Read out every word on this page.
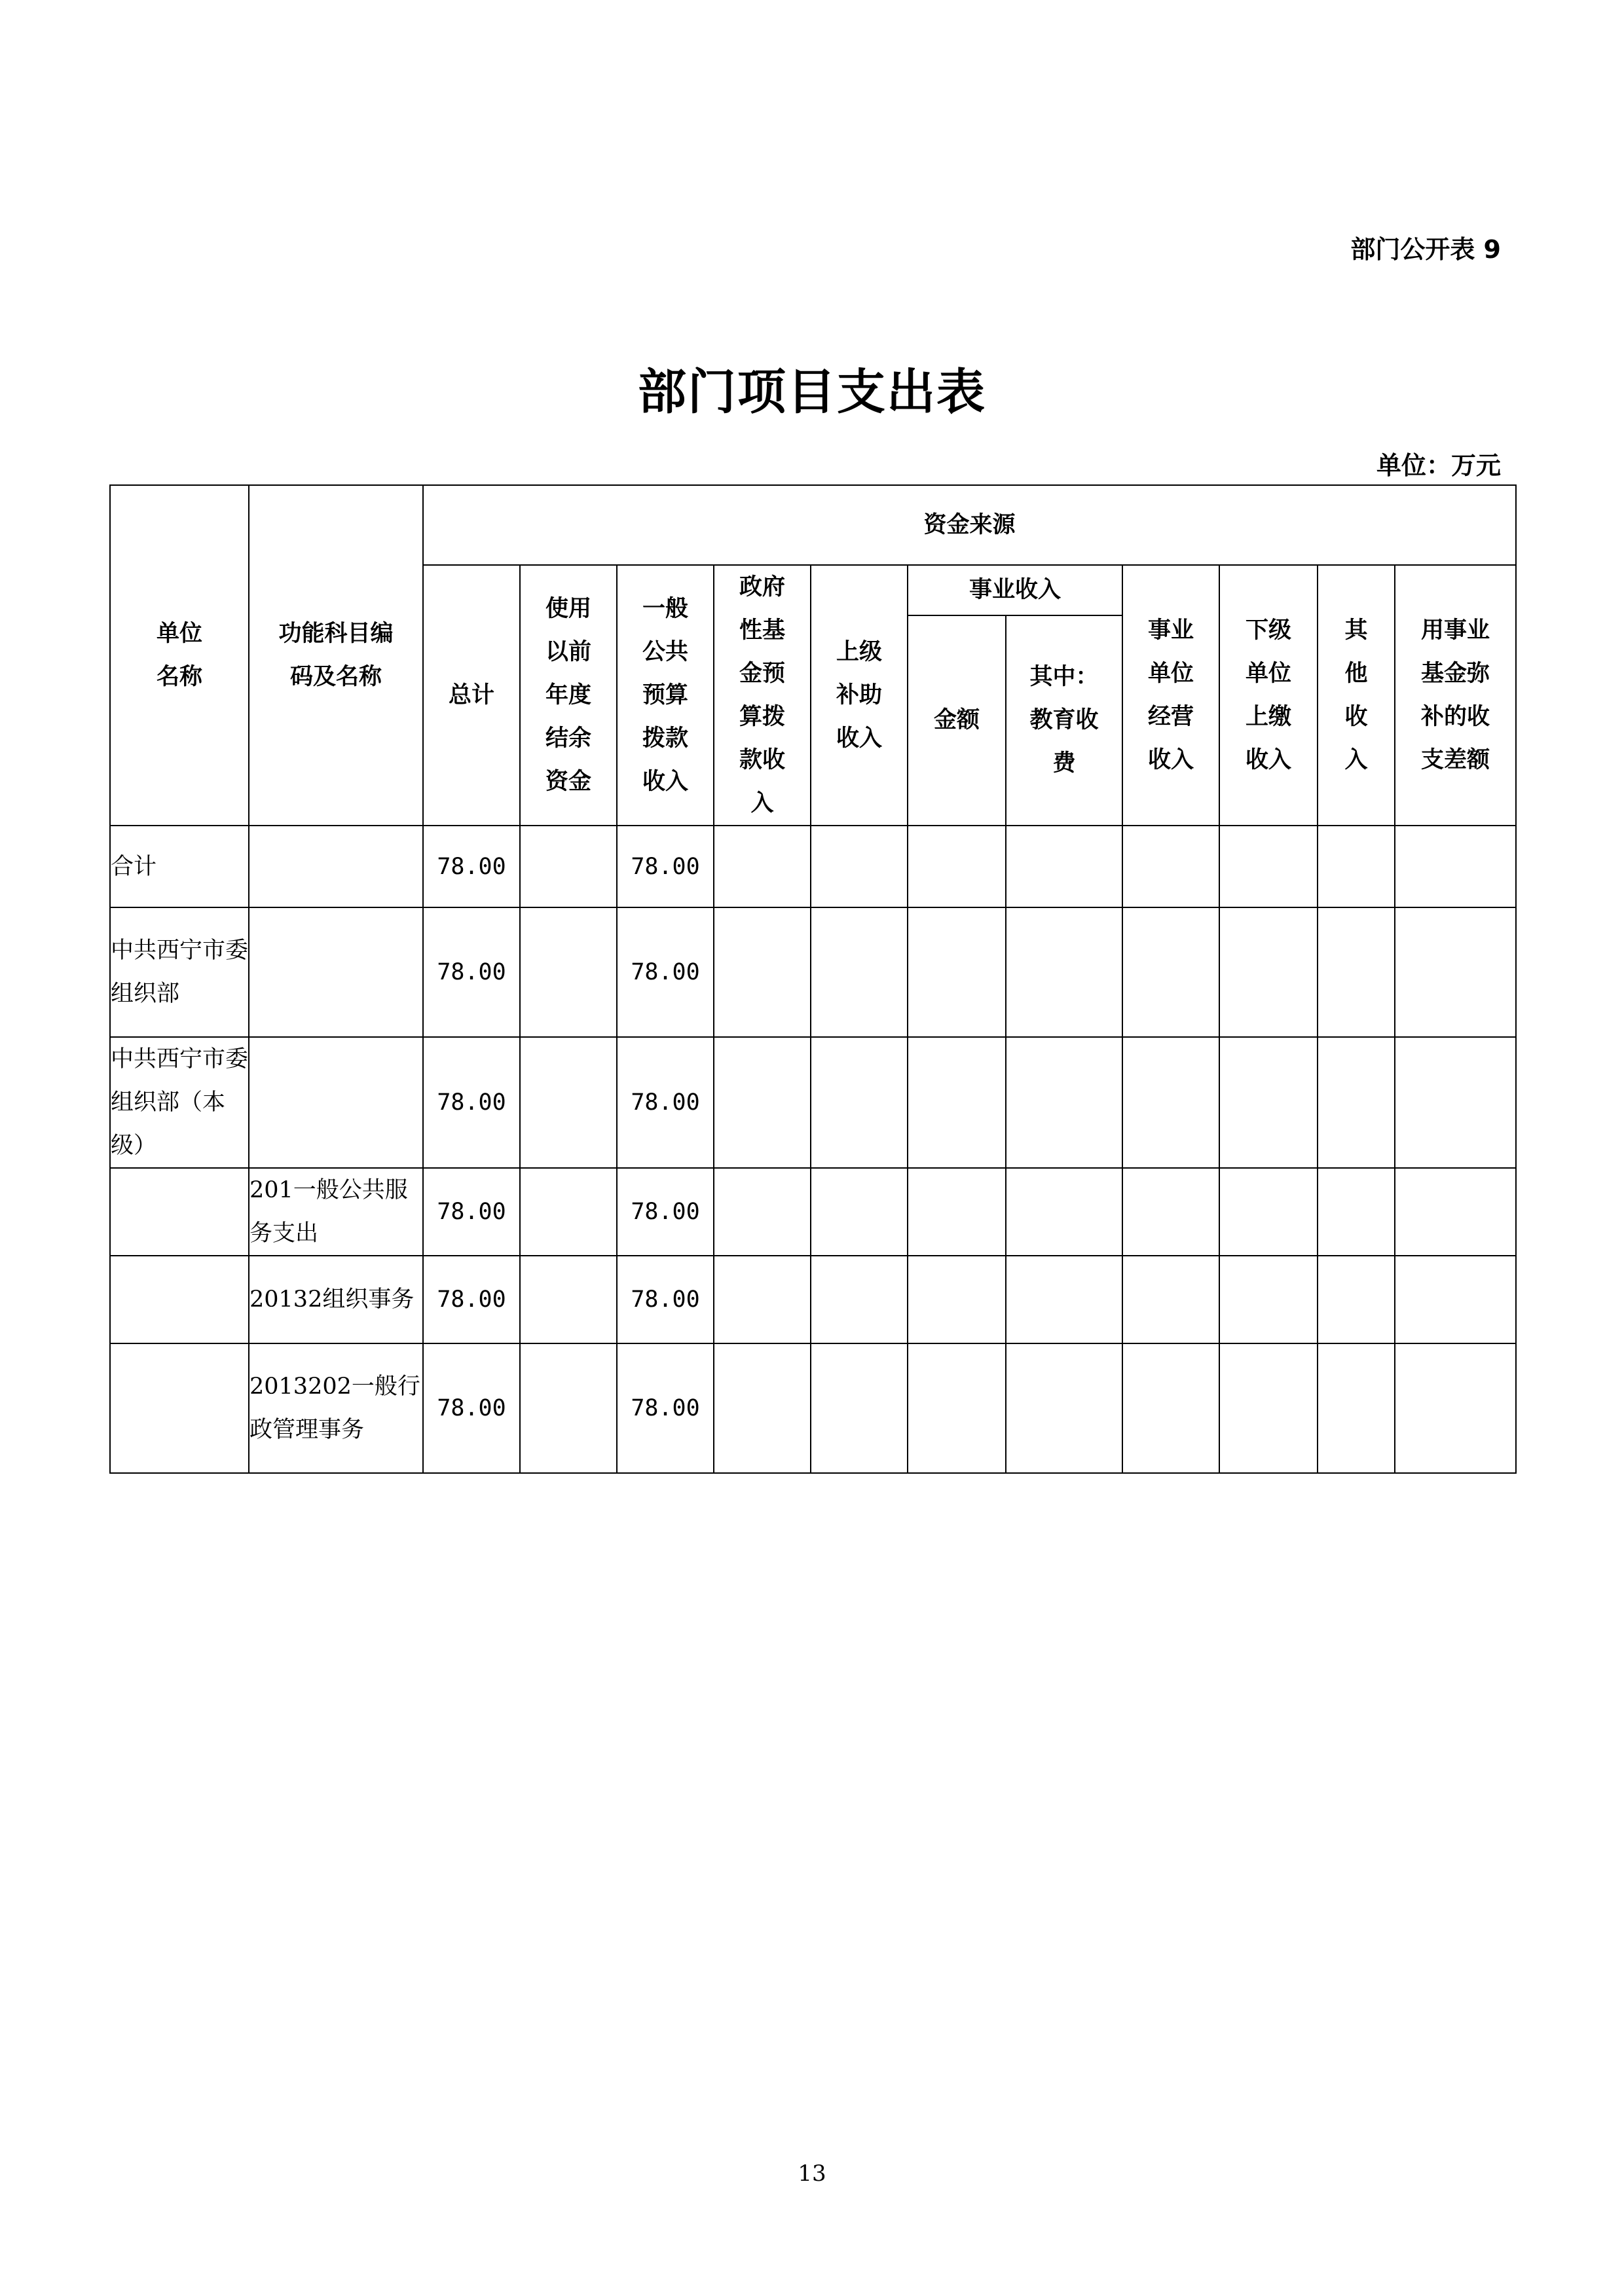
部门公开表 9
部门项目支出表
单位：万元
单位名称	功能科目编码及名称	资金来源										
		总计	使用以前年度结余资金	一般公共预算拨款收入	政府性基金预算拨款收入	上级补助收入	事业收入		事业单位经营收入	下级单位上缴收入	其他收入	用事业基金弥补的收支差额
							金额	其中：教育收费				
合计		78.00		78.00								
中共西宁市委组织部		78.00		78.00								
中共西宁市委组织部（本级）		78.00		78.00								
	201一般公共服务支出	78.00		78.00								
	20132组织事务	78.00		78.00								
	2013202一般行政管理事务	78.00		78.00								
13
